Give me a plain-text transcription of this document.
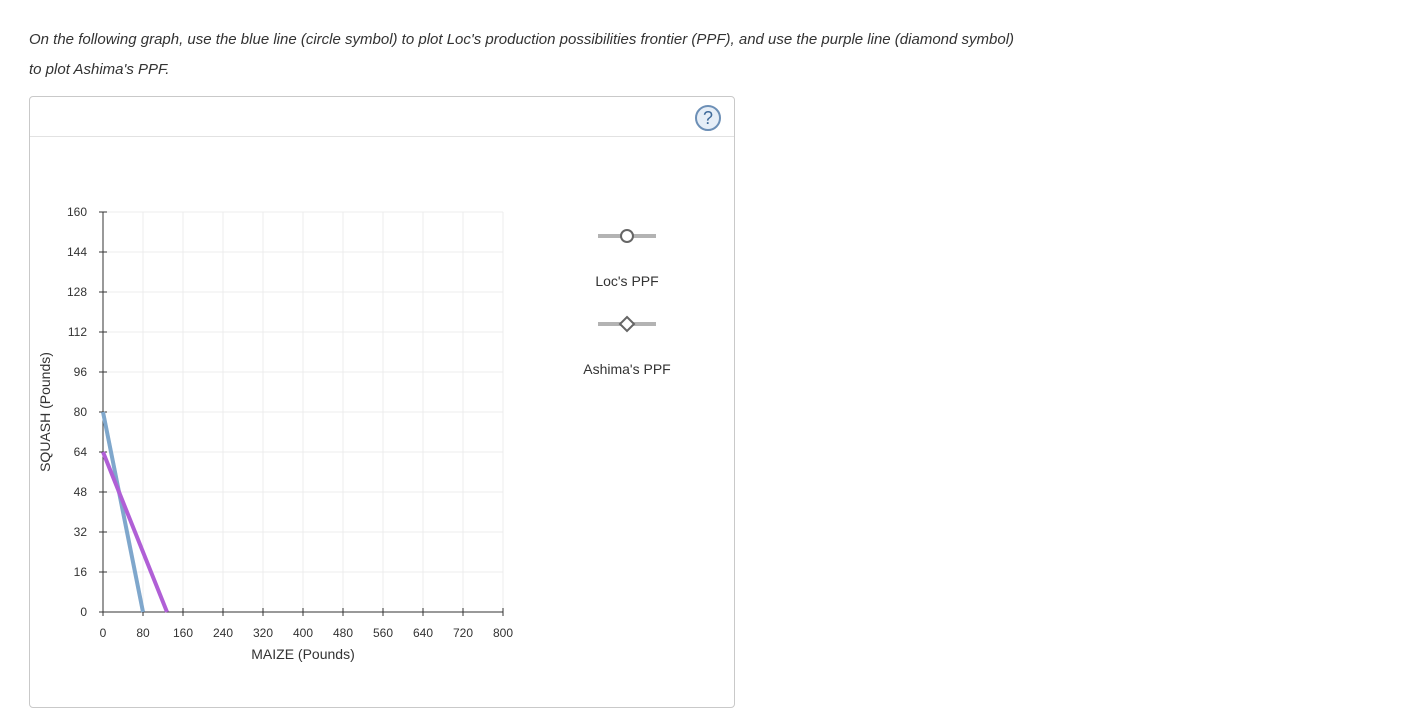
On the following graph, use the blue line (circle symbol) to plot Loc's production possibilities frontier (PPF), and use the purple line (diamond symbol)
to plot Ashima's PPF.
?
0
16
32
48
64
80
96
112
128
144
160
0 80 160 240 320 400 480 560 640 720 800
MAIZE (Pounds)
SQUASH (Pounds)
Loc's PPF
Ashima's PPF
